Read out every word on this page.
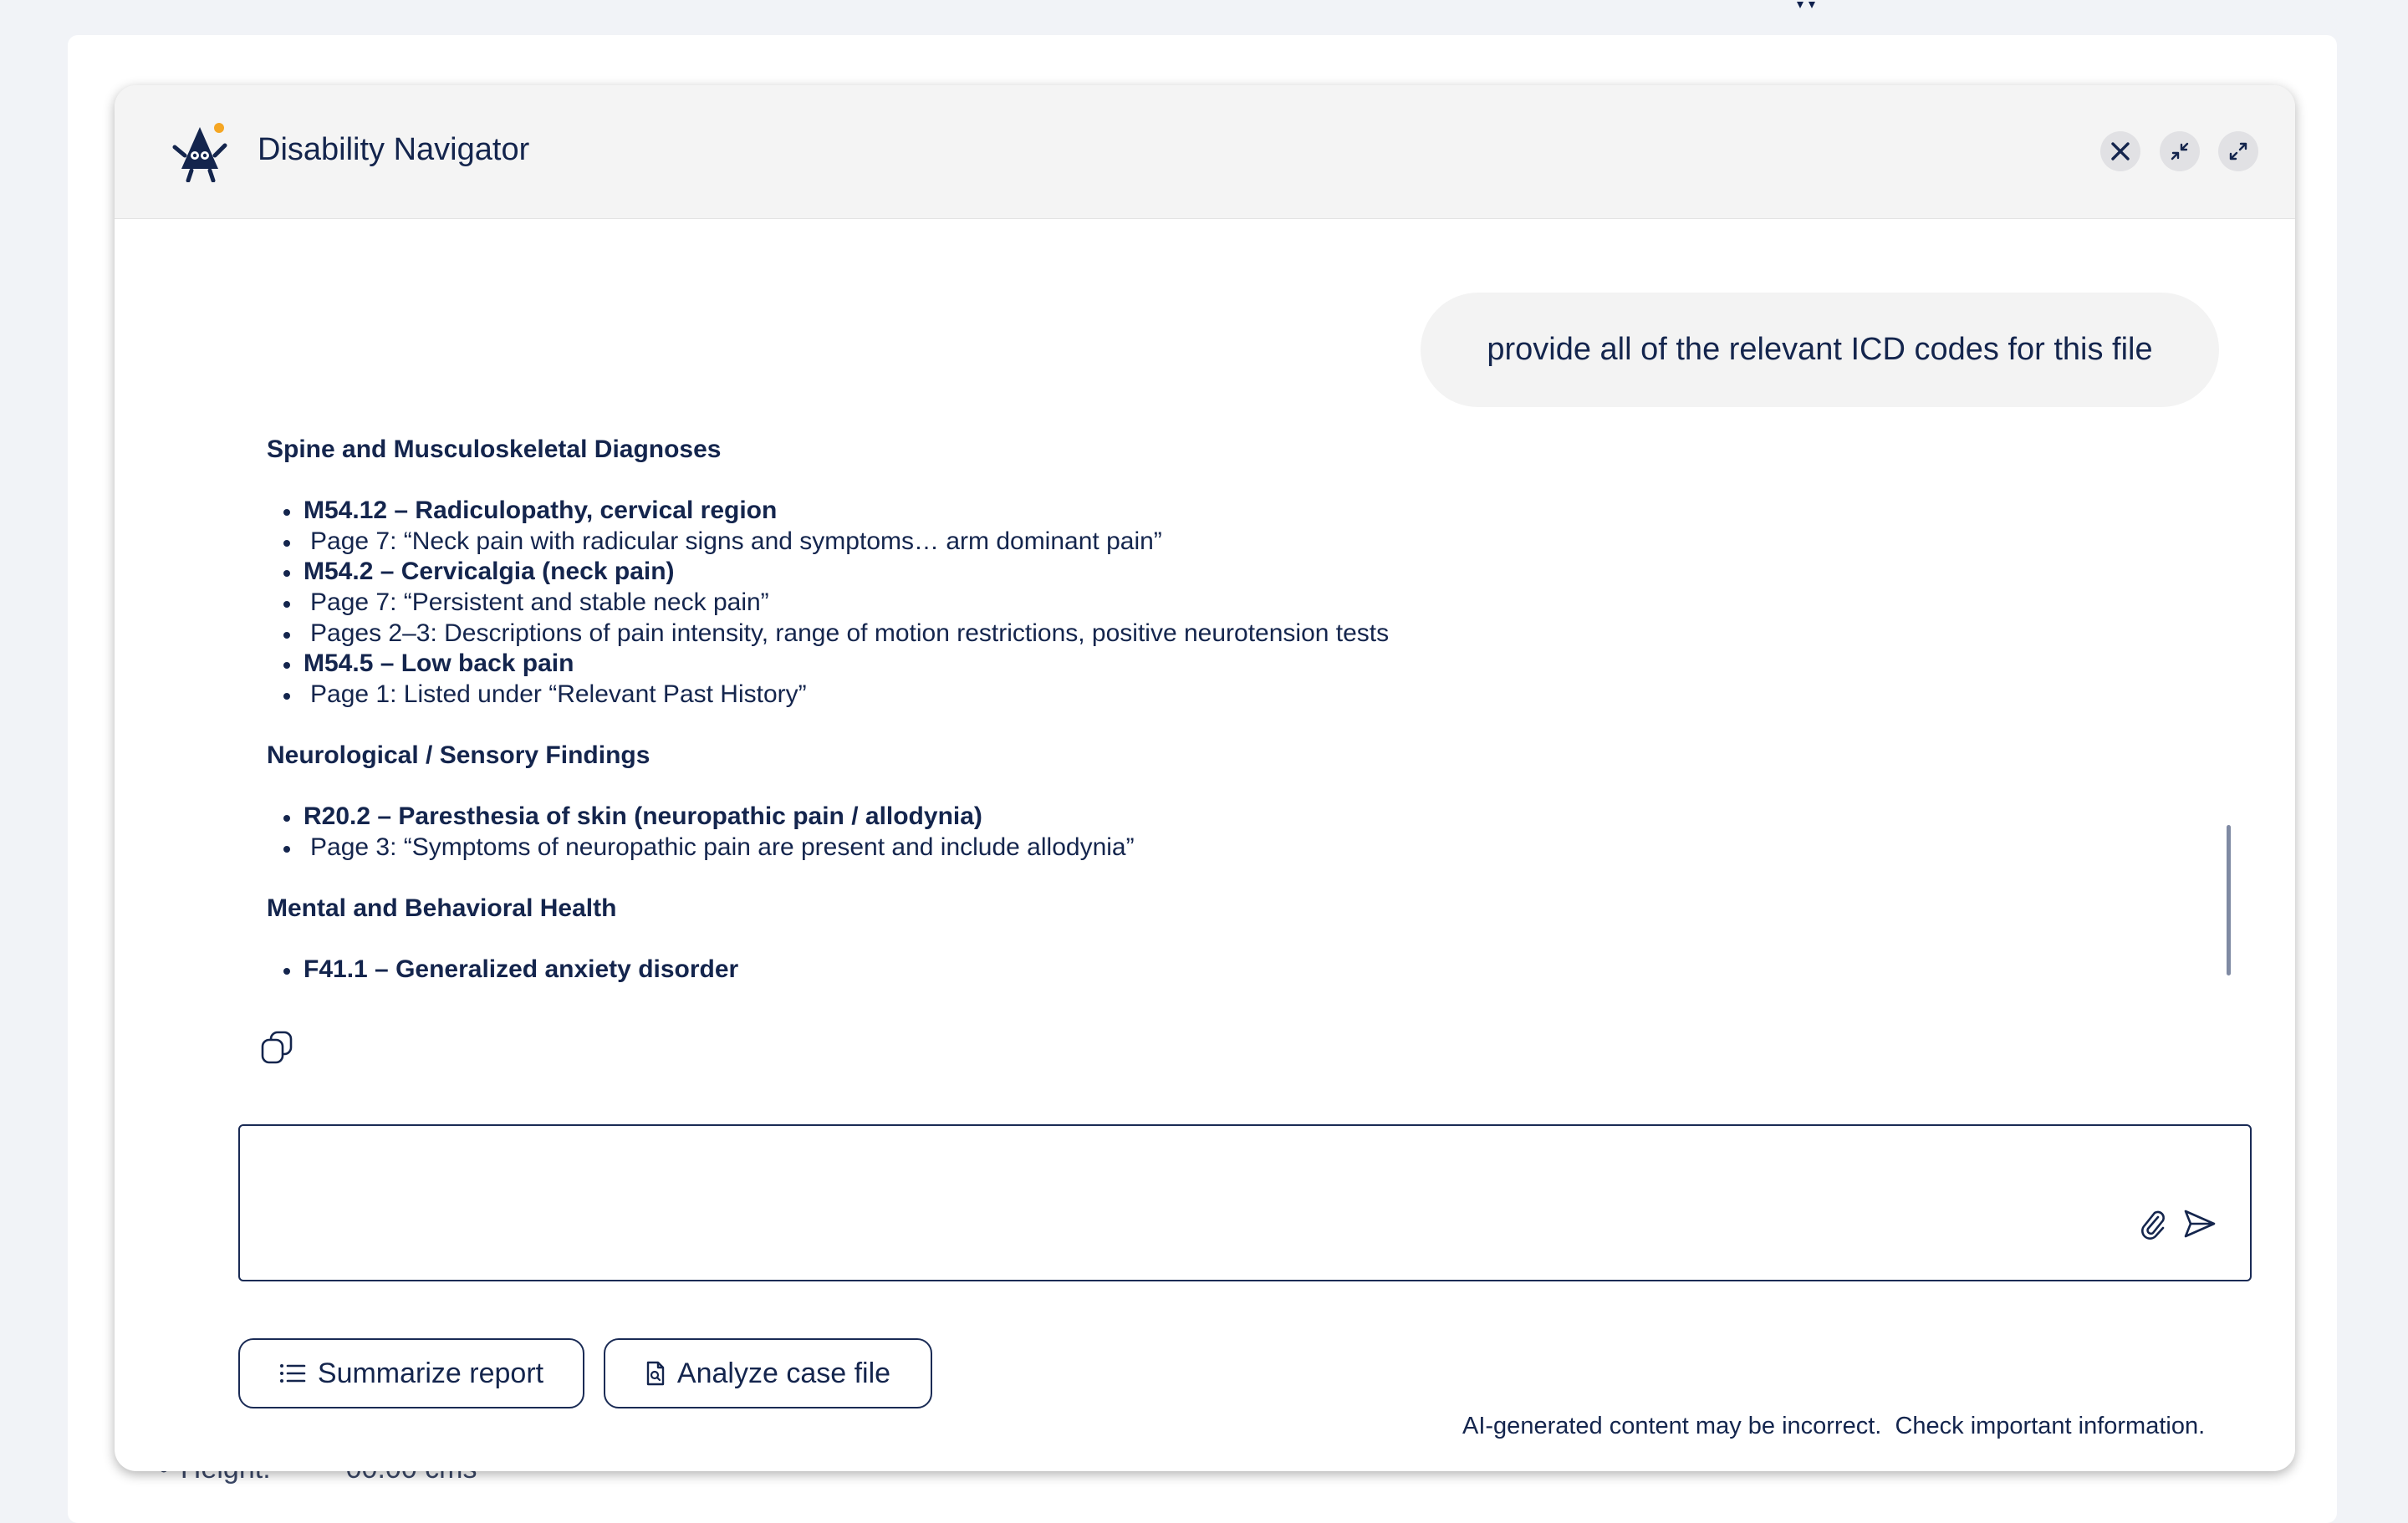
Disability Navigator
provide all of the relevant ICD codes for this file
Spine and Musculoskeletal Diagnoses
M54.12 – Radiculopathy, cervical region
Page 7: “Neck pain with radicular signs and symptoms… arm dominant pain”
M54.2 – Cervicalgia (neck pain)
Page 7: “Persistent and stable neck pain”
Pages 2–3: Descriptions of pain intensity, range of motion restrictions, positive neurotension tests
M54.5 – Low back pain
Page 1: Listed under “Relevant Past History”
Neurological / Sensory Findings
R20.2 – Paresthesia of skin (neuropathic pain / allodynia)
Page 3: “Symptoms of neuropathic pain are present and include allodynia”
Mental and Behavioral Health
F41.1 – Generalized anxiety disorder
Summarize report	Analyze case file
AI-generated content may be incorrect.  Check important information.
